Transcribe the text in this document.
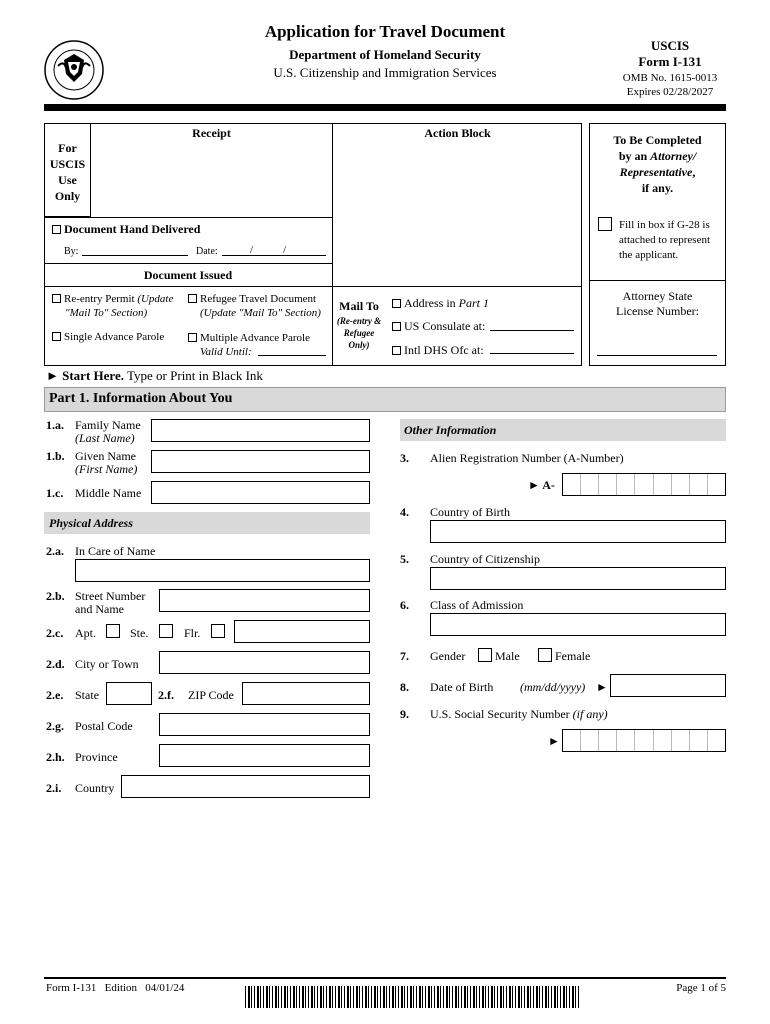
Application for Travel Document
Department of Homeland Security
U.S. Citizenship and Immigration Services
USCIS
Form I-131
OMB No. 1615-0013
Expires 02/28/2027
For
USCIS
Use
Only
Receipt	Action Block
Document Hand Delivered
By:	Date:	/	/
Document Issued
Re-entry Permit (Update
"Mail To" Section)
Refugee Travel Document
(Update "Mail To" Section)
Single Advance Parole	Multiple Advance Parole
Valid Until:
Mail To
(Re-entry &
Refugee
Only)
Address in Part 1
US Consulate at:
Intl DHS Ofc at:
To Be Completed
by an Attorney/
Representative,
if any.
Fill in box if G-28 is
attached to represent
the applicant.
Attorney State
License Number:
► Start Here. Type or Print in Black Ink
Part 1. Information About You
1.a. Family Name
(Last Name)
1.b. Given Name
(First Name)
1.c. Middle Name
Physical Address
2.a. In Care of Name
2.b. Street Number
and Name
2.c. Apt.	Ste.	Flr.
2.d. City or Town
2.e. State	2.f. ZIP Code
2.g. Postal Code
2.h. Province
2.i. Country
Other Information
3. Alien Registration Number (A-Number)
► A-
4. Country of Birth
5. Country of Citizenship
6. Class of Admission
7. Gender Male	Female
8. Date of Birth (mm/dd/yyyy) ►
9. U.S. Social Security Number (if any)
►
Form I-131   Edition   04/01/24	Page 1 of 5
